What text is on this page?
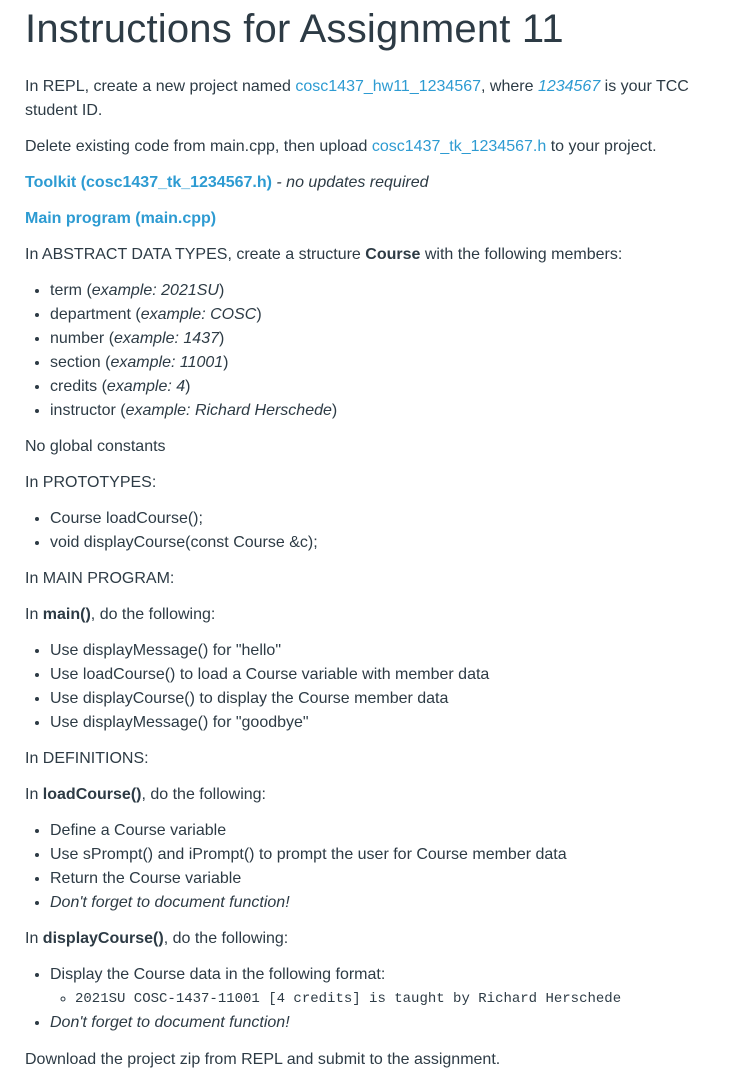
Instructions for Assignment 11

In REPL, create a new project named cosc1437_hw11_1234567, where 1234567 is your TCC student ID.

Delete existing code from main.cpp, then upload cosc1437_tk_1234567.h to your project.

Toolkit (cosc1437_tk_1234567.h) - no updates required

Main program (main.cpp)

In ABSTRACT DATA TYPES, create a structure Course with the following members:

• term (example: 2021SU)
• department (example: COSC)
• number (example: 1437)
• section (example: 11001)
• credits (example: 4)
• instructor (example: Richard Herschede)

No global constants

In PROTOTYPES:

• Course loadCourse();
• void displayCourse(const Course &c);

In MAIN PROGRAM:

In main(), do the following:

• Use displayMessage() for "hello"
• Use loadCourse() to load a Course variable with member data
• Use displayCourse() to display the Course member data
• Use displayMessage() for "goodbye"

In DEFINITIONS:

In loadCourse(), do the following:

• Define a Course variable
• Use sPrompt() and iPrompt() to prompt the user for Course member data
• Return the Course variable
• Don't forget to document function!

In displayCourse(), do the following:

• Display the Course data in the following format:
◦ 2021SU COSC-1437-11001 [4 credits] is taught by Richard Herschede
• Don't forget to document function!

Download the project zip from REPL and submit to the assignment.
